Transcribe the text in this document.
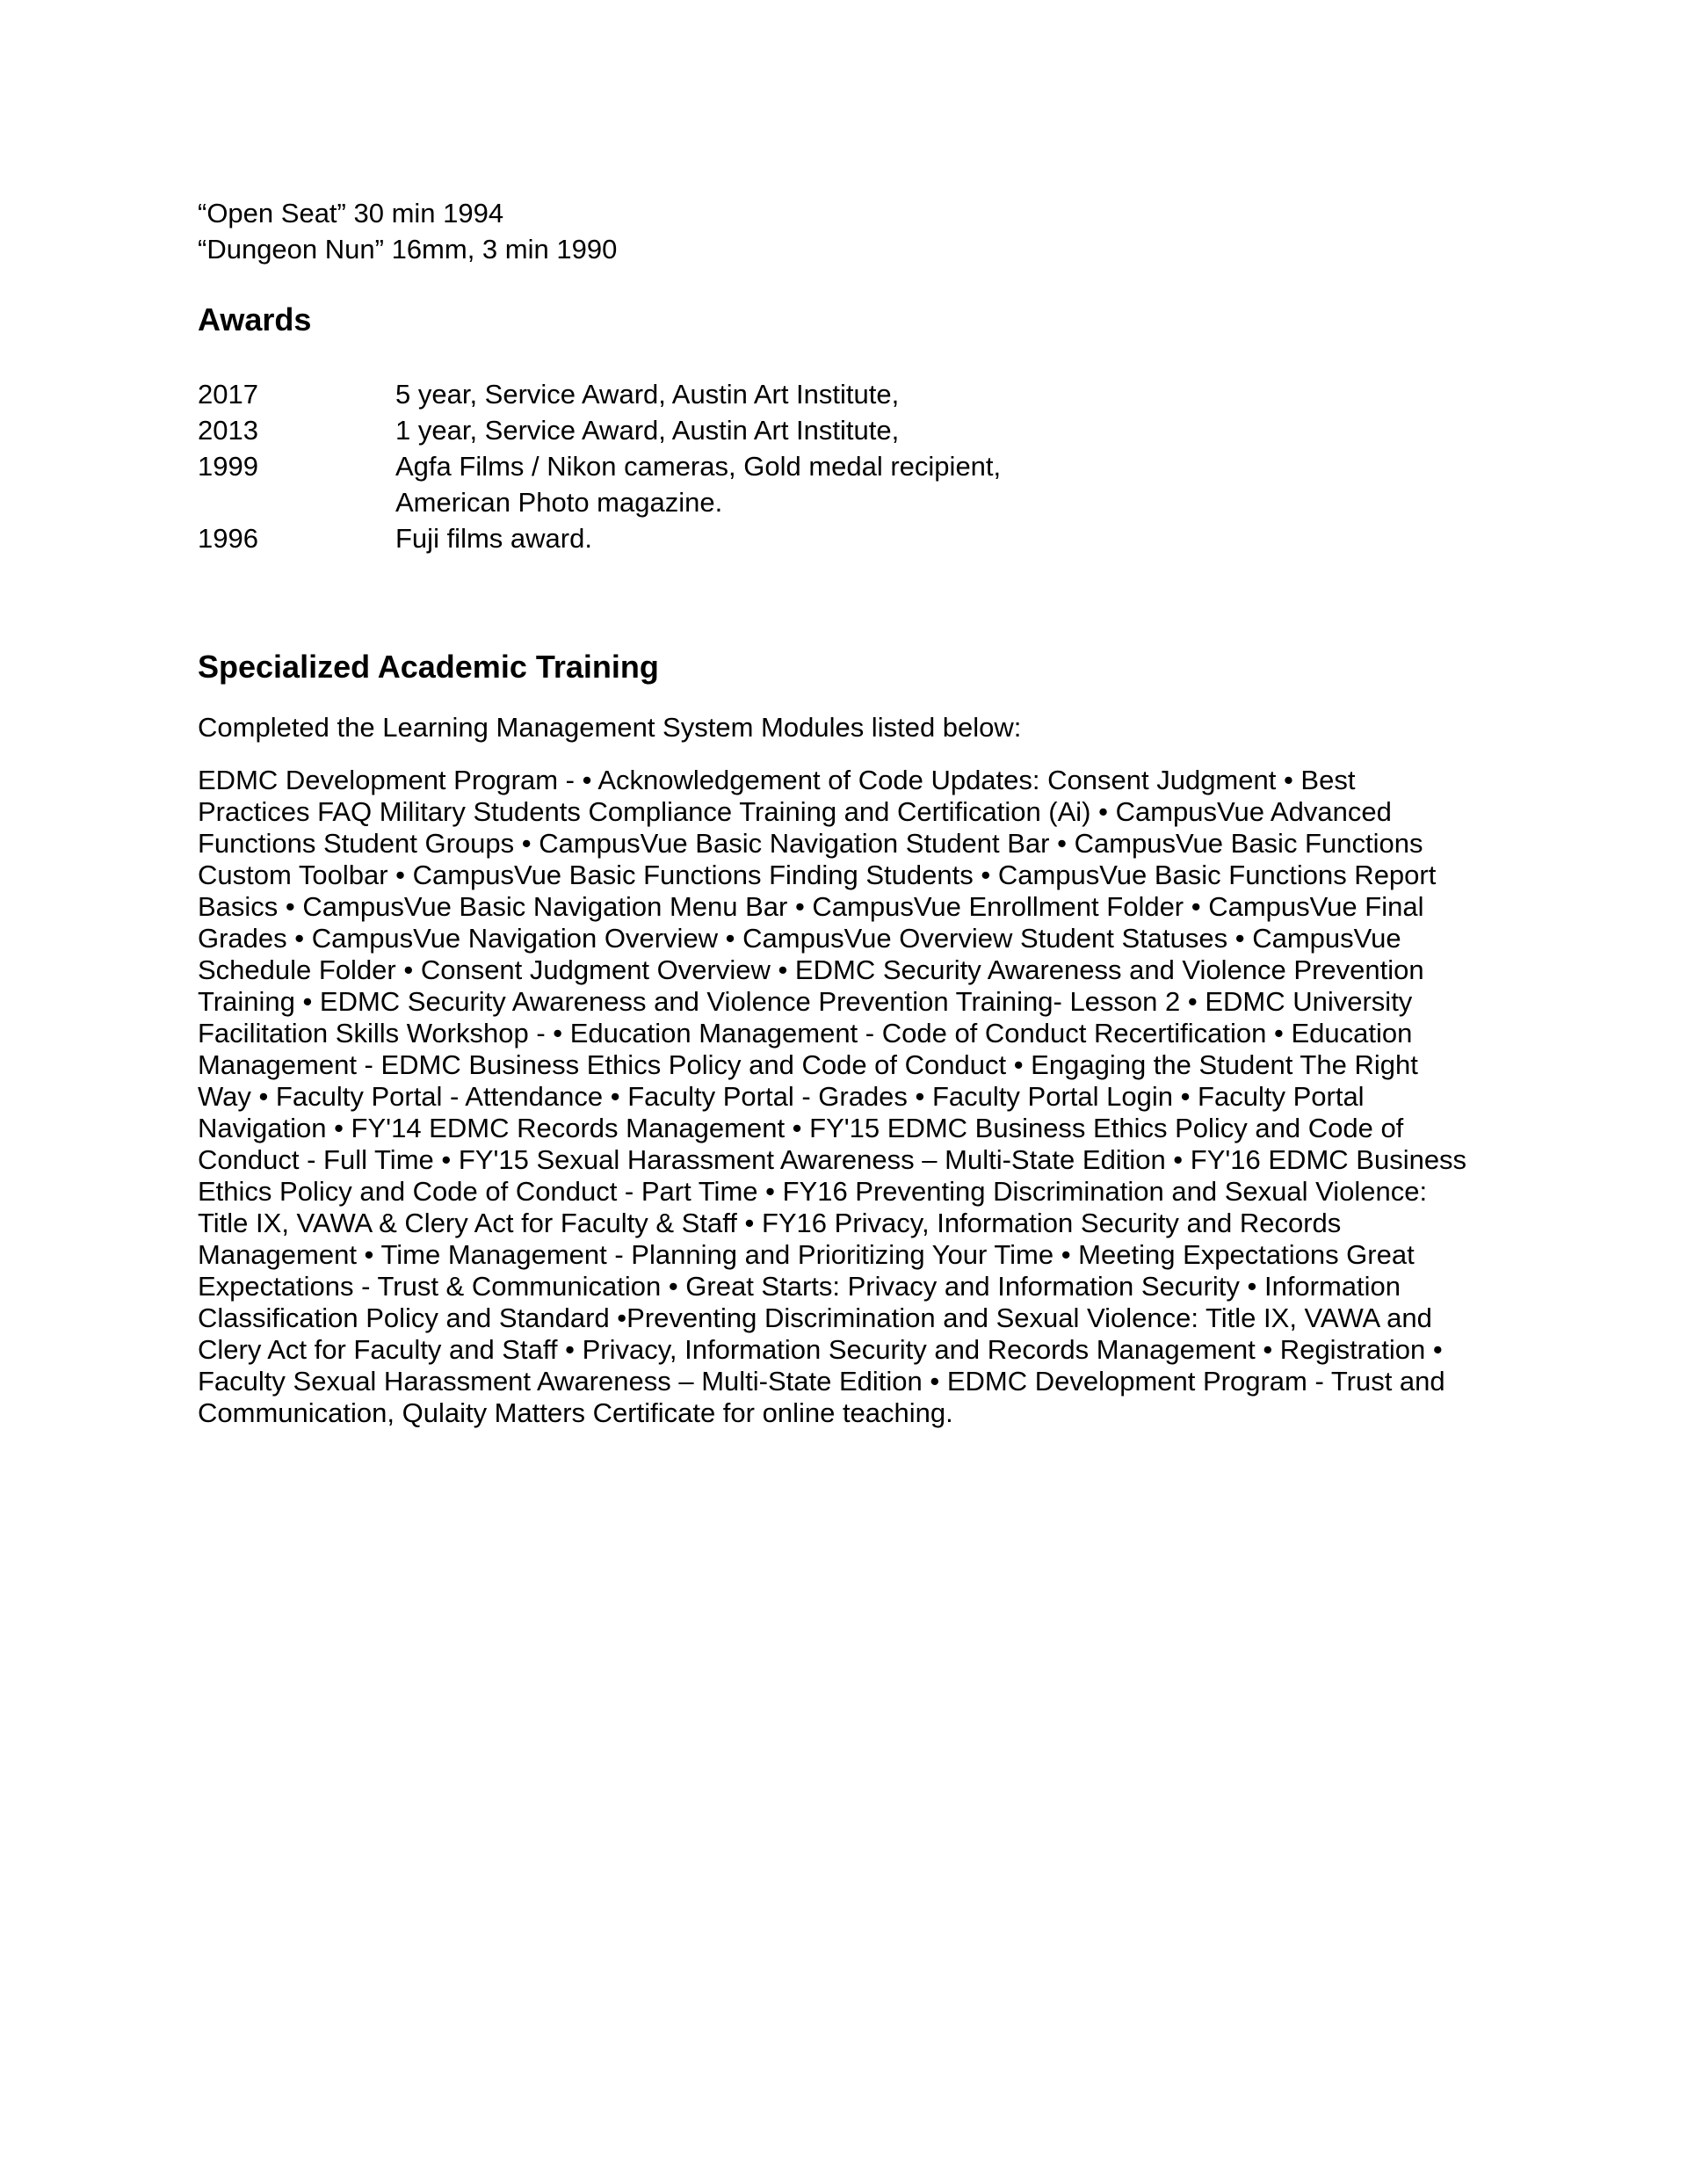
“Open Seat” 30 min 1994
“Dungeon Nun” 16mm, 3 min 1990
Awards
2017	5 year, Service Award, Austin Art Institute,
2013	1 year, Service Award, Austin Art Institute,
1999	Agfa Films / Nikon cameras, Gold medal recipient,
American Photo magazine.
1996	Fuji films award.
Specialized Academic Training
Completed the Learning Management System Modules listed below:
EDMC Development Program - • Acknowledgement of Code Updates: Consent Judgment • Best
Practices FAQ Military Students Compliance Training and Certification (Ai) • CampusVue Advanced
Functions Student Groups • CampusVue Basic Navigation Student Bar • CampusVue Basic Functions
Custom Toolbar • CampusVue Basic Functions Finding Students • CampusVue Basic Functions Report
Basics • CampusVue Basic Navigation Menu Bar • CampusVue Enrollment Folder • CampusVue Final
Grades • CampusVue Navigation Overview • CampusVue Overview Student Statuses • CampusVue
Schedule Folder • Consent Judgment Overview • EDMC Security Awareness and Violence Prevention
Training • EDMC Security Awareness and Violence Prevention Training- Lesson 2 • EDMC University
Facilitation Skills Workshop - • Education Management - Code of Conduct Recertification • Education
Management - EDMC Business Ethics Policy and Code of Conduct • Engaging the Student The Right
Way • Faculty Portal - Attendance • Faculty Portal - Grades • Faculty Portal Login • Faculty Portal
Navigation • FY'14 EDMC Records Management • FY'15 EDMC Business Ethics Policy and Code of
Conduct - Full Time • FY'15 Sexual Harassment Awareness – Multi-State Edition • FY'16 EDMC Business
Ethics Policy and Code of Conduct - Part Time • FY16 Preventing Discrimination and Sexual Violence:
Title IX, VAWA & Clery Act for Faculty & Staff • FY16 Privacy, Information Security and Records
Management • Time Management - Planning and Prioritizing Your Time • Meeting Expectations Great
Expectations - Trust & Communication • Great Starts: Privacy and Information Security • Information
Classification Policy and Standard •Preventing Discrimination and Sexual Violence: Title IX, VAWA and
Clery Act for Faculty and Staff • Privacy, Information Security and Records Management • Registration •
Faculty Sexual Harassment Awareness – Multi-State Edition • EDMC Development Program - Trust and
Communication, Qulaity Matters Certificate for online teaching.
